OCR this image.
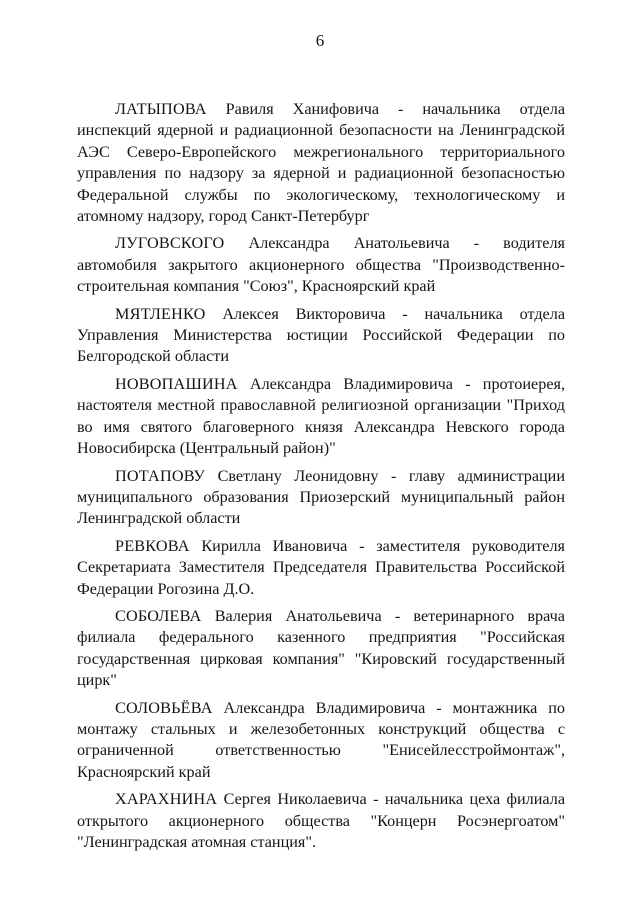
6

ЛАТЫПОВА Равиля Ханифовича - начальника отдела инспекций ядерной и радиационной безопасности на Ленинградской АЭС Северо-Европейского межрегионального территориального управления по надзору за ядерной и радиационной безопасностью Федеральной службы по экологическому, технологическому и атомному надзору, город Санкт-Петербург

ЛУГОВСКОГО Александра Анатольевича - водителя автомобиля закрытого акционерного общества "Производственно-строительная компания "Союз", Красноярский край

МЯТЛЕНКО Алексея Викторовича - начальника отдела Управления Министерства юстиции Российской Федерации по Белгородской области

НОВОПАШИНА Александра Владимировича - протоиерея, настоятеля местной православной религиозной организации "Приход во имя святого благоверного князя Александра Невского города Новосибирска (Центральный район)"

ПОТАПОВУ Светлану Леонидовну - главу администрации муниципального образования Приозерский муниципальный район Ленинградской области

РЕВКОВА Кирилла Ивановича - заместителя руководителя Секретариата Заместителя Председателя Правительства Российской Федерации Рогозина Д.О.

СОБОЛЕВА Валерия Анатольевича - ветеринарного врача филиала федерального казенного предприятия "Российская государственная цирковая компания" "Кировский государственный цирк"

СОЛОВЬЁВА Александра Владимировича - монтажника по монтажу стальных и железобетонных конструкций общества с ограниченной ответственностью "Енисейлесстроймонтаж", Красноярский край

ХАРАХНИНА Сергея Николаевича - начальника цеха филиала открытого акционерного общества "Концерн Росэнергоатом" "Ленинградская атомная станция".
